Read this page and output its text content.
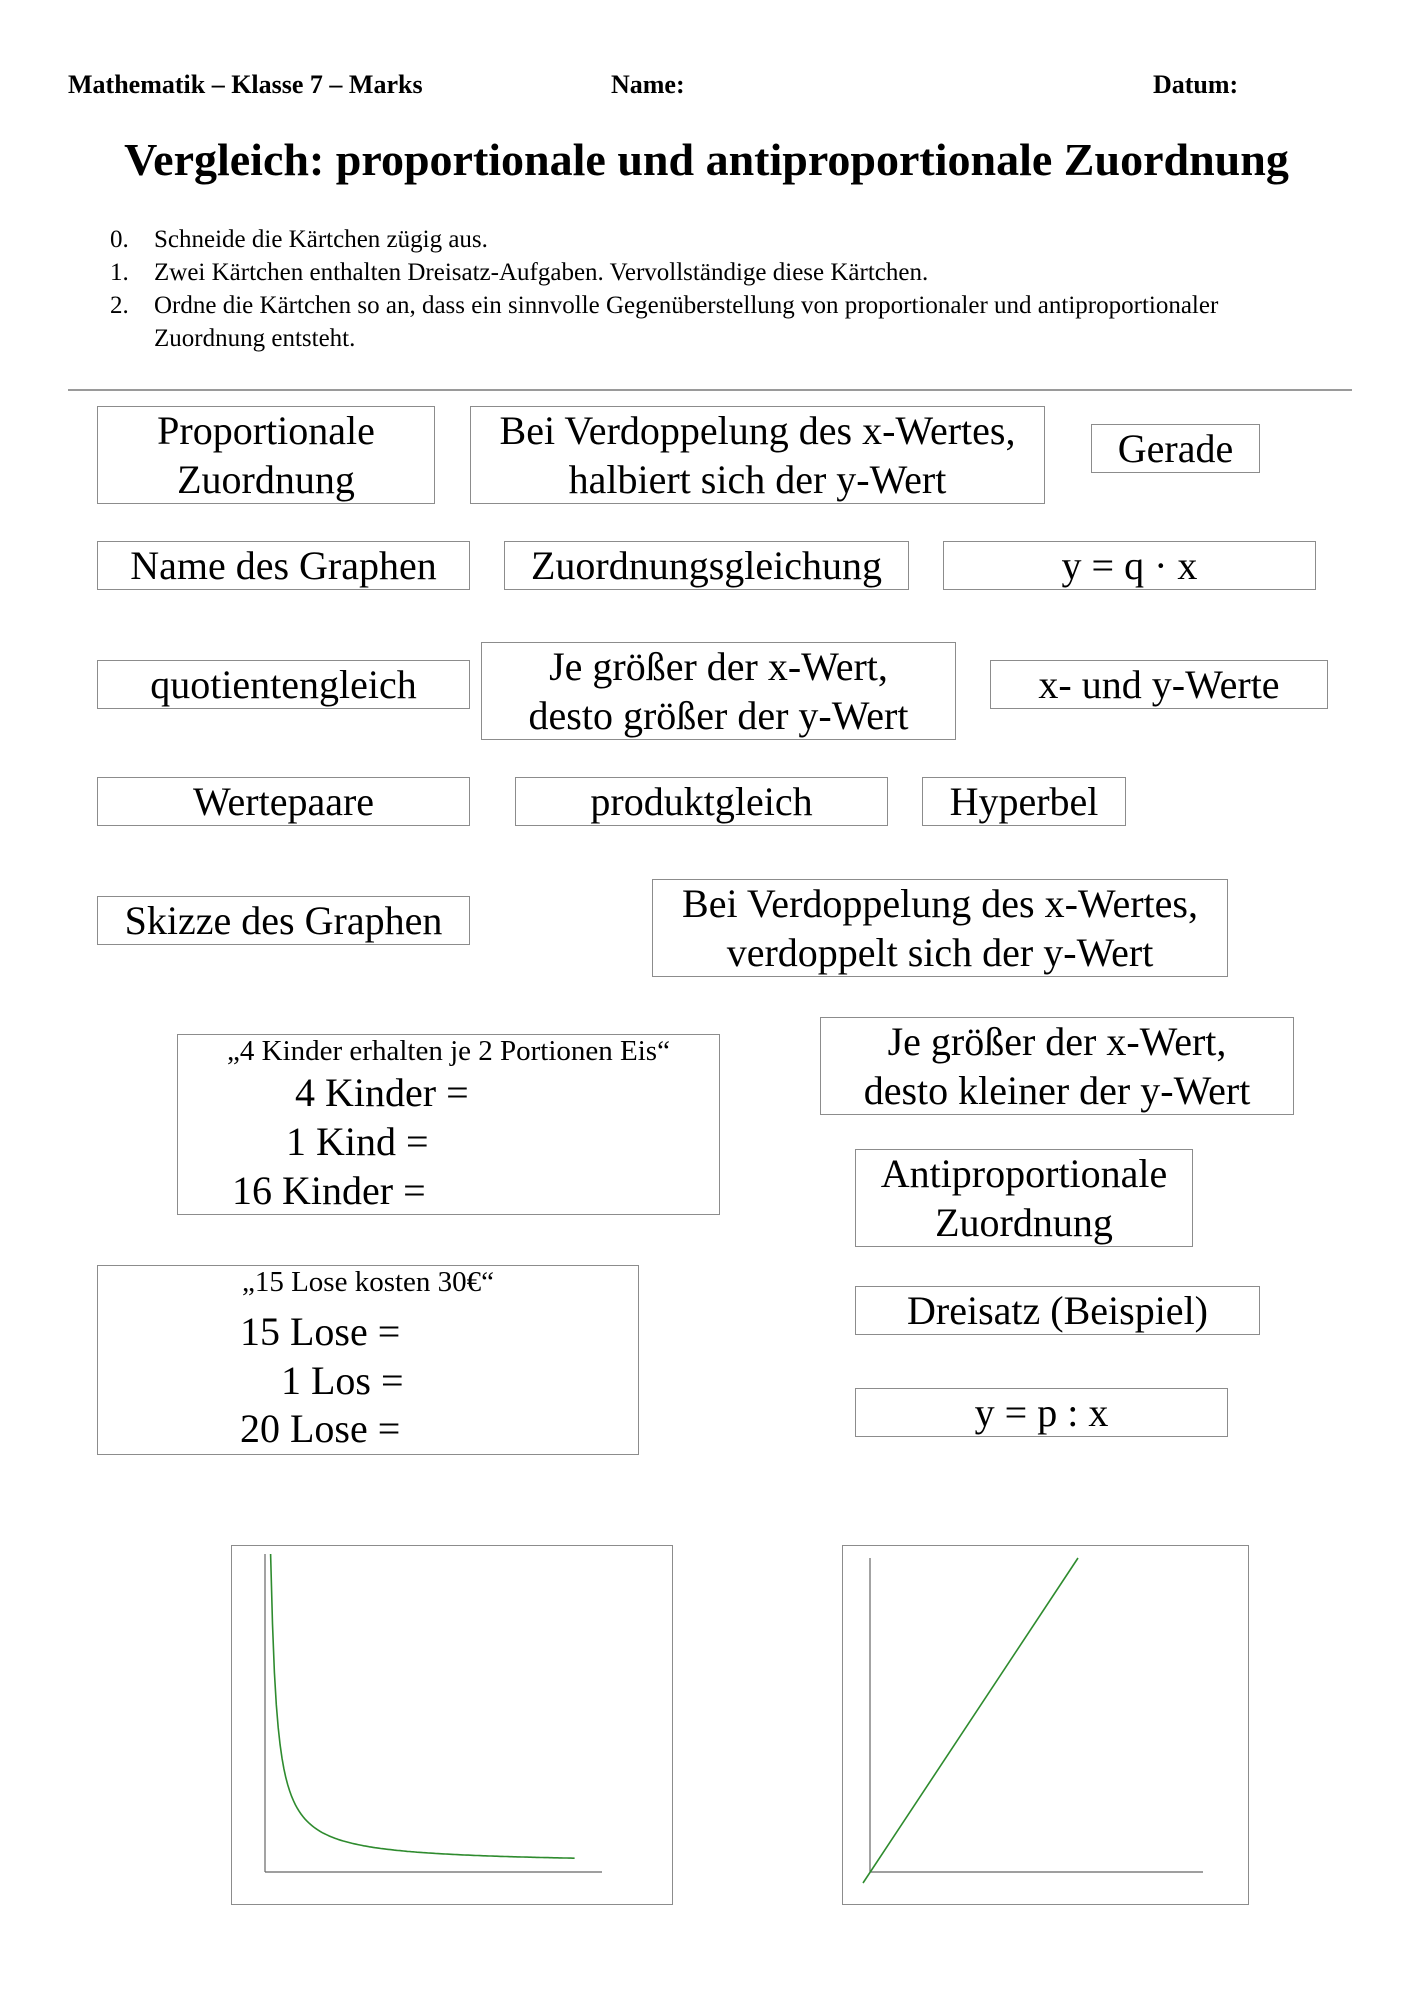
Mathematik – Klasse 7 – Marks	Name:	Datum:
Vergleich: proportionale und antiproportionale Zuordnung
0.	Schneide die Kärtchen zügig aus.
1.	Zwei Kärtchen enthalten Dreisatz-Aufgaben. Vervollständige diese Kärtchen.
2.	Ordne die Kärtchen so an, dass ein sinnvolle Gegenüberstellung von proportionaler und antiproportionaler Zuordnung entsteht.
Proportionale
Zuordnung
Bei Verdoppelung des x-Wertes,
halbiert sich der y-Wert
Gerade
Name des Graphen Zuordnungsgleichung	y = q · x
quotientengleich	Je größer der x-Wert,
desto größer der y-Wert
x- und y-Werte
Wertepaare	produktgleich	Hyperbel
Skizze des Graphen	Bei Verdoppelung des x-Wertes,
verdoppelt sich der y-Wert
„4 Kinder erhalten je 2 Portionen Eis“
4 Kinder =
1 Kind =
16 Kinder =
Je größer der x-Wert,
desto kleiner der y-Wert
Antiproportionale
Zuordnung
„15 Lose kosten 30€“
15 Lose =
1 Los =
20 Lose =
Dreisatz (Beispiel)
y = p : x
